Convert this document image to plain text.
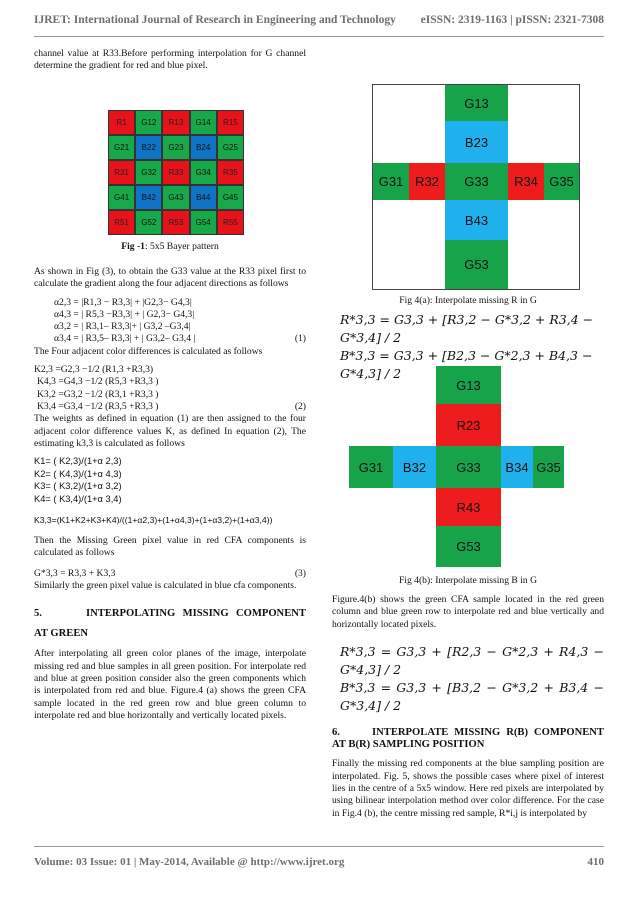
IJRET: International Journal of Research in Engineering and Technology eISSN: 2319-1163 | pISSN: 2321-7308

channel value at R33.Before performing interpolation for G channel determine the gradient for red and blue pixel.

R1	G12	R13	G14	R15
G21	B22	G23	B24	G25
R31	G32	R33	G34	R35
G41	B42	G43	B44	G45
R51	G52	R53	G54	R55
Fig -1: 5x5 Bayer pattern

As shown in Fig (3), to obtain the G33 value at the R33 pixel first to calculate the gradient along the four adjacent directions as follows

α2,3 = |R1,3 − R3,3| + |G2,3− G4,3|
α4,3 = | R5,3 −R3,3| + | G2,3− G4,3|
α3,2 = | R3,1– R3,3|+ | G3,2 –G3,4|
α3,4 = | R3,5– R3,3| + | G3,2– G3,4 |	(1)

The Four adjacent color differences is calculated as follows

K2,3 =G2,3 −1/2 (R1,3 +R3,3)
K4,3 =G4,3 −1/2 (R5,3 +R3,3 )
K3,2 =G3,2 −1/2 (R3,1 +R3,3 )
K3,4 =G3,4 −1/2 (R3,5 +R3,3 )	(2)

The weights as defined in equation (1) are then assigned to the four adjacent color difference values K, as defined In equation (2), The estimating k3,3 is calculated as follows

K1= ( K2,3)/(1+α 2,3)
K2= ( K4,3)/(1+α 4,3)
K3= ( K3,2)/(1+α 3,2)
K4= ( K3,4)/(1+α 3,4)
K3,3=(K1+K2+K3+K4)/((1+α2,3)+(1+α4,3)+(1+α3,2)+(1+α3,4))

Then the Missing Green pixel value in red CFA components is calculated as follows

G*3,3 = R3,3 + K3,3	(3)

Similarly the green pixel value is calculated in blue cfa components.

5.	INTERPOLATING MISSING COMPONENT AT GREEN

After interpolating all green color planes of the image, interpolate missing red and blue samples in all green position. For interpolate red and blue at green position consider also the green components which is interpolated from red and blue. Figure.4 (a) shows the green CFA sample located in the red green row and blue green column to interpolate red and blue horizontally and vertically located pixels.

G13
B23
G31 R32	G33	R34 G35
B43
G53
Fig 4(a): Interpolate missing R in G
R*3,3 = G3,3 + [R3,2 − G*3,2 + R3,4 − G*3,4] / 2
B*3,3 = G3,3 + [B2,3 − G*2,3 + B4,3 − G*4,3] / 2
G13
R23
G31	B32	G33	B34 G35
R43
G53
Fig 4(b): Interpolate missing B in G

Figure.4(b) shows the green CFA sample located in the red green column and blue green row to interpolate red and blue vertically and horizontally located pixels.

R*3,3 = G3,3 + [R2,3 − G*2,3 + R4,3 − G*4,3] / 2
B*3,3 = G3,3 + [B3,2 − G*3,2 + B3,4 − G*3,4] / 2
6.	INTERPOLATE MISSING R(B) COMPONENT AT B(R) SAMPLING POSITION

Finally the missing red components at the blue sampling position are interpolated. Fig. 5, shows the possible cases where pixel of interest lies in the centre of a 5x5 window. Here red pixels are interpolated by using bilinear interpolation method over color difference. For the case in Fig.4 (b), the centre missing red sample, R*i,j is interpolated by

Volume: 03 Issue: 01 | May-2014, Available @ http://www.ijret.org	410
